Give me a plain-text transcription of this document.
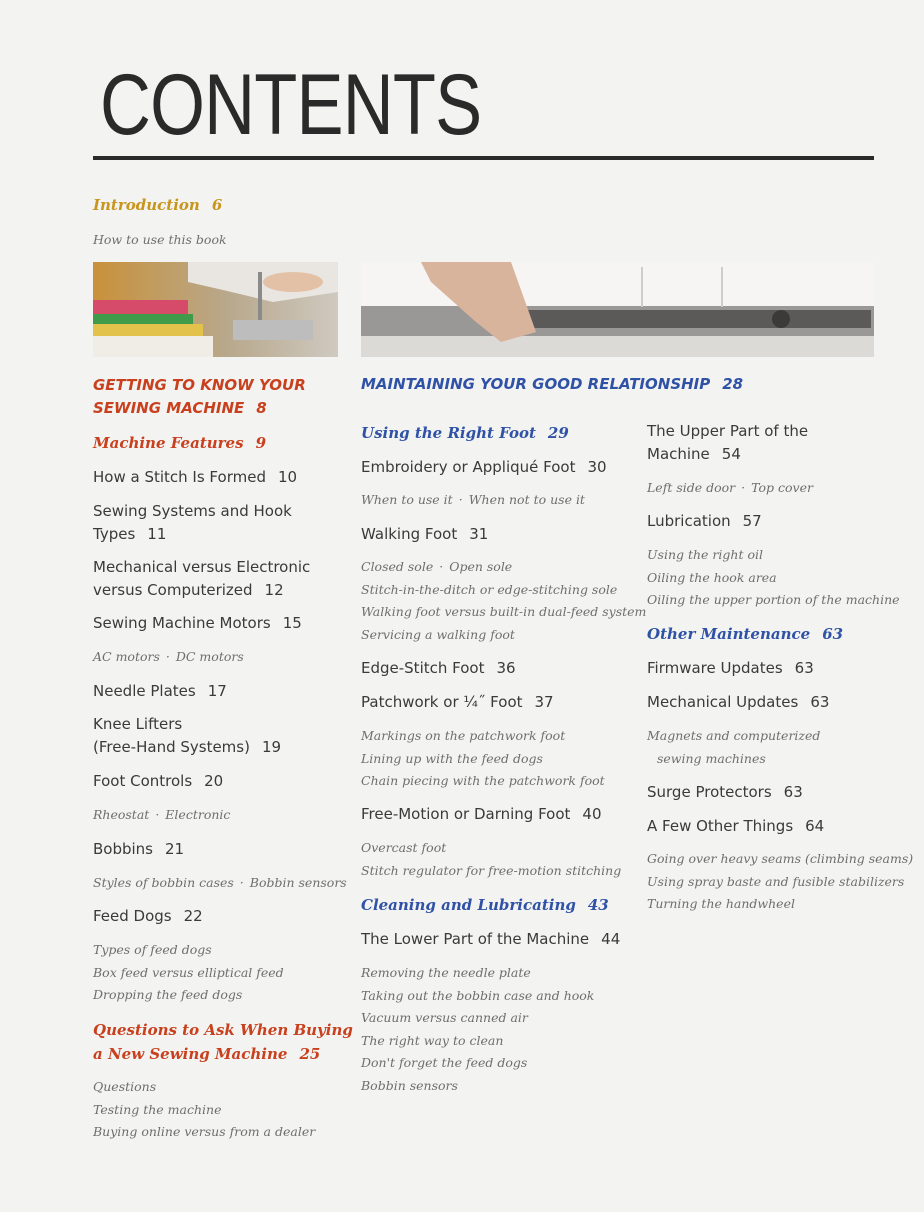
CONTENTS
Introduction 6
How to use this book
GETTING TO KNOW YOUR
SEWING MACHINE 8
Machine Features 9
How a Stitch Is Formed 10
Sewing Systems and Hook
Types 11
Mechanical versus Electronic
versus Computerized 12
Sewing Machine Motors 15
AC motors · DC motors
Needle Plates 17
Knee Lifters
(Free-Hand Systems) 19
Foot Controls 20
Rheostat · Electronic
Bobbins 21
Styles of bobbin cases · Bobbin sensors
Feed Dogs 22
Types of feed dogs
Box feed versus elliptical feed
Dropping the feed dogs
Questions to Ask When Buying
a New Sewing Machine 25
Questions
Testing the machine
Buying online versus from a dealer
MAINTAINING YOUR GOOD RELATIONSHIP 28
Using the Right Foot 29
Embroidery or Appliqué Foot 30
When to use it · When not to use it
Walking Foot 31
Closed sole · Open sole
Stitch-in-the-ditch or edge-stitching sole
Walking foot versus built-in dual-feed system
Servicing a walking foot
Edge-Stitch Foot 36
Patchwork or ¼˝ Foot 37
Markings on the patchwork foot
Lining up with the feed dogs
Chain piecing with the patchwork foot
Free-Motion or Darning Foot 40
Overcast foot
Stitch regulator for free-motion stitching
Cleaning and Lubricating 43
The Lower Part of the Machine 44
Removing the needle plate
Taking out the bobbin case and hook
Vacuum versus canned air
The right way to clean
Don't forget the feed dogs
Bobbin sensors
The Upper Part of the
Machine 54
Left side door · Top cover
Lubrication 57
Using the right oil
Oiling the hook area
Oiling the upper portion of the machine
Other Maintenance 63
Firmware Updates 63
Mechanical Updates 63
Magnets and computerized
sewing machines
Surge Protectors 63
A Few Other Things 64
Going over heavy seams (climbing seams)
Using spray baste and fusible stabilizers
Turning the handwheel
